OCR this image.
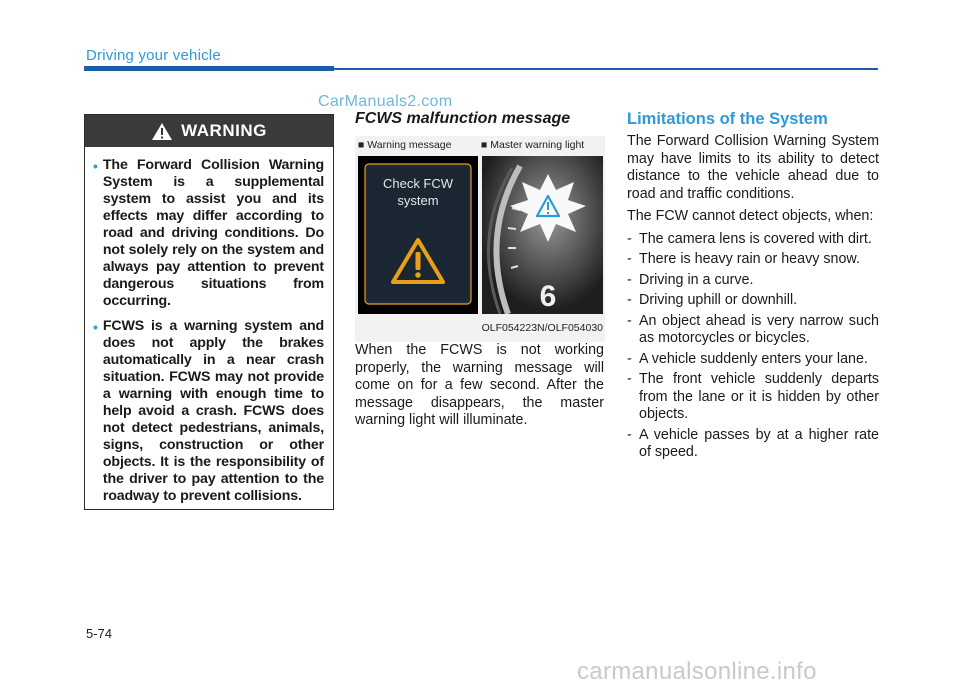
Driving your vehicle
CarManuals2.com
WARNING
• The Forward Collision Warning System is a supplemental system to assist you and its effects may differ according to road and driving conditions. Do not solely rely on the system and always pay attention to prevent dangerous situations from occurring.
• FCWS is a warning system and does not apply the brakes automatically in a near crash situation. FCWS may not provide a warning with enough time to help avoid a crash. FCWS does not detect pedestrians, animals, signs, construction or other objects. It is the responsibility of the driver to pay attention to the roadway to prevent collisions.
FCWS malfunction message
■ Warning message	■ Master warning light
Check FCW
system
6
OLF054223N/OLF054030
When the FCWS is not working properly, the warning message will come on for a few second. After the message disappears, the master warning light will illuminate.
Limitations of the System

The Forward Collision Warning System may have limits to its ability to detect distance to the vehicle ahead due to road and traffic conditions.

The FCW cannot detect objects, when:

- The camera lens is covered with dirt.
- There is heavy rain or heavy snow.
- Driving in a curve.
- Driving uphill or downhill.
- An object ahead is very narrow such as motorcycles or bicycles.
- A vehicle suddenly enters your lane.
- The front vehicle suddenly departs from the lane or it is hidden by other objects.
- A vehicle passes by at a higher rate of speed.
5-74
carmanualsonline.info
